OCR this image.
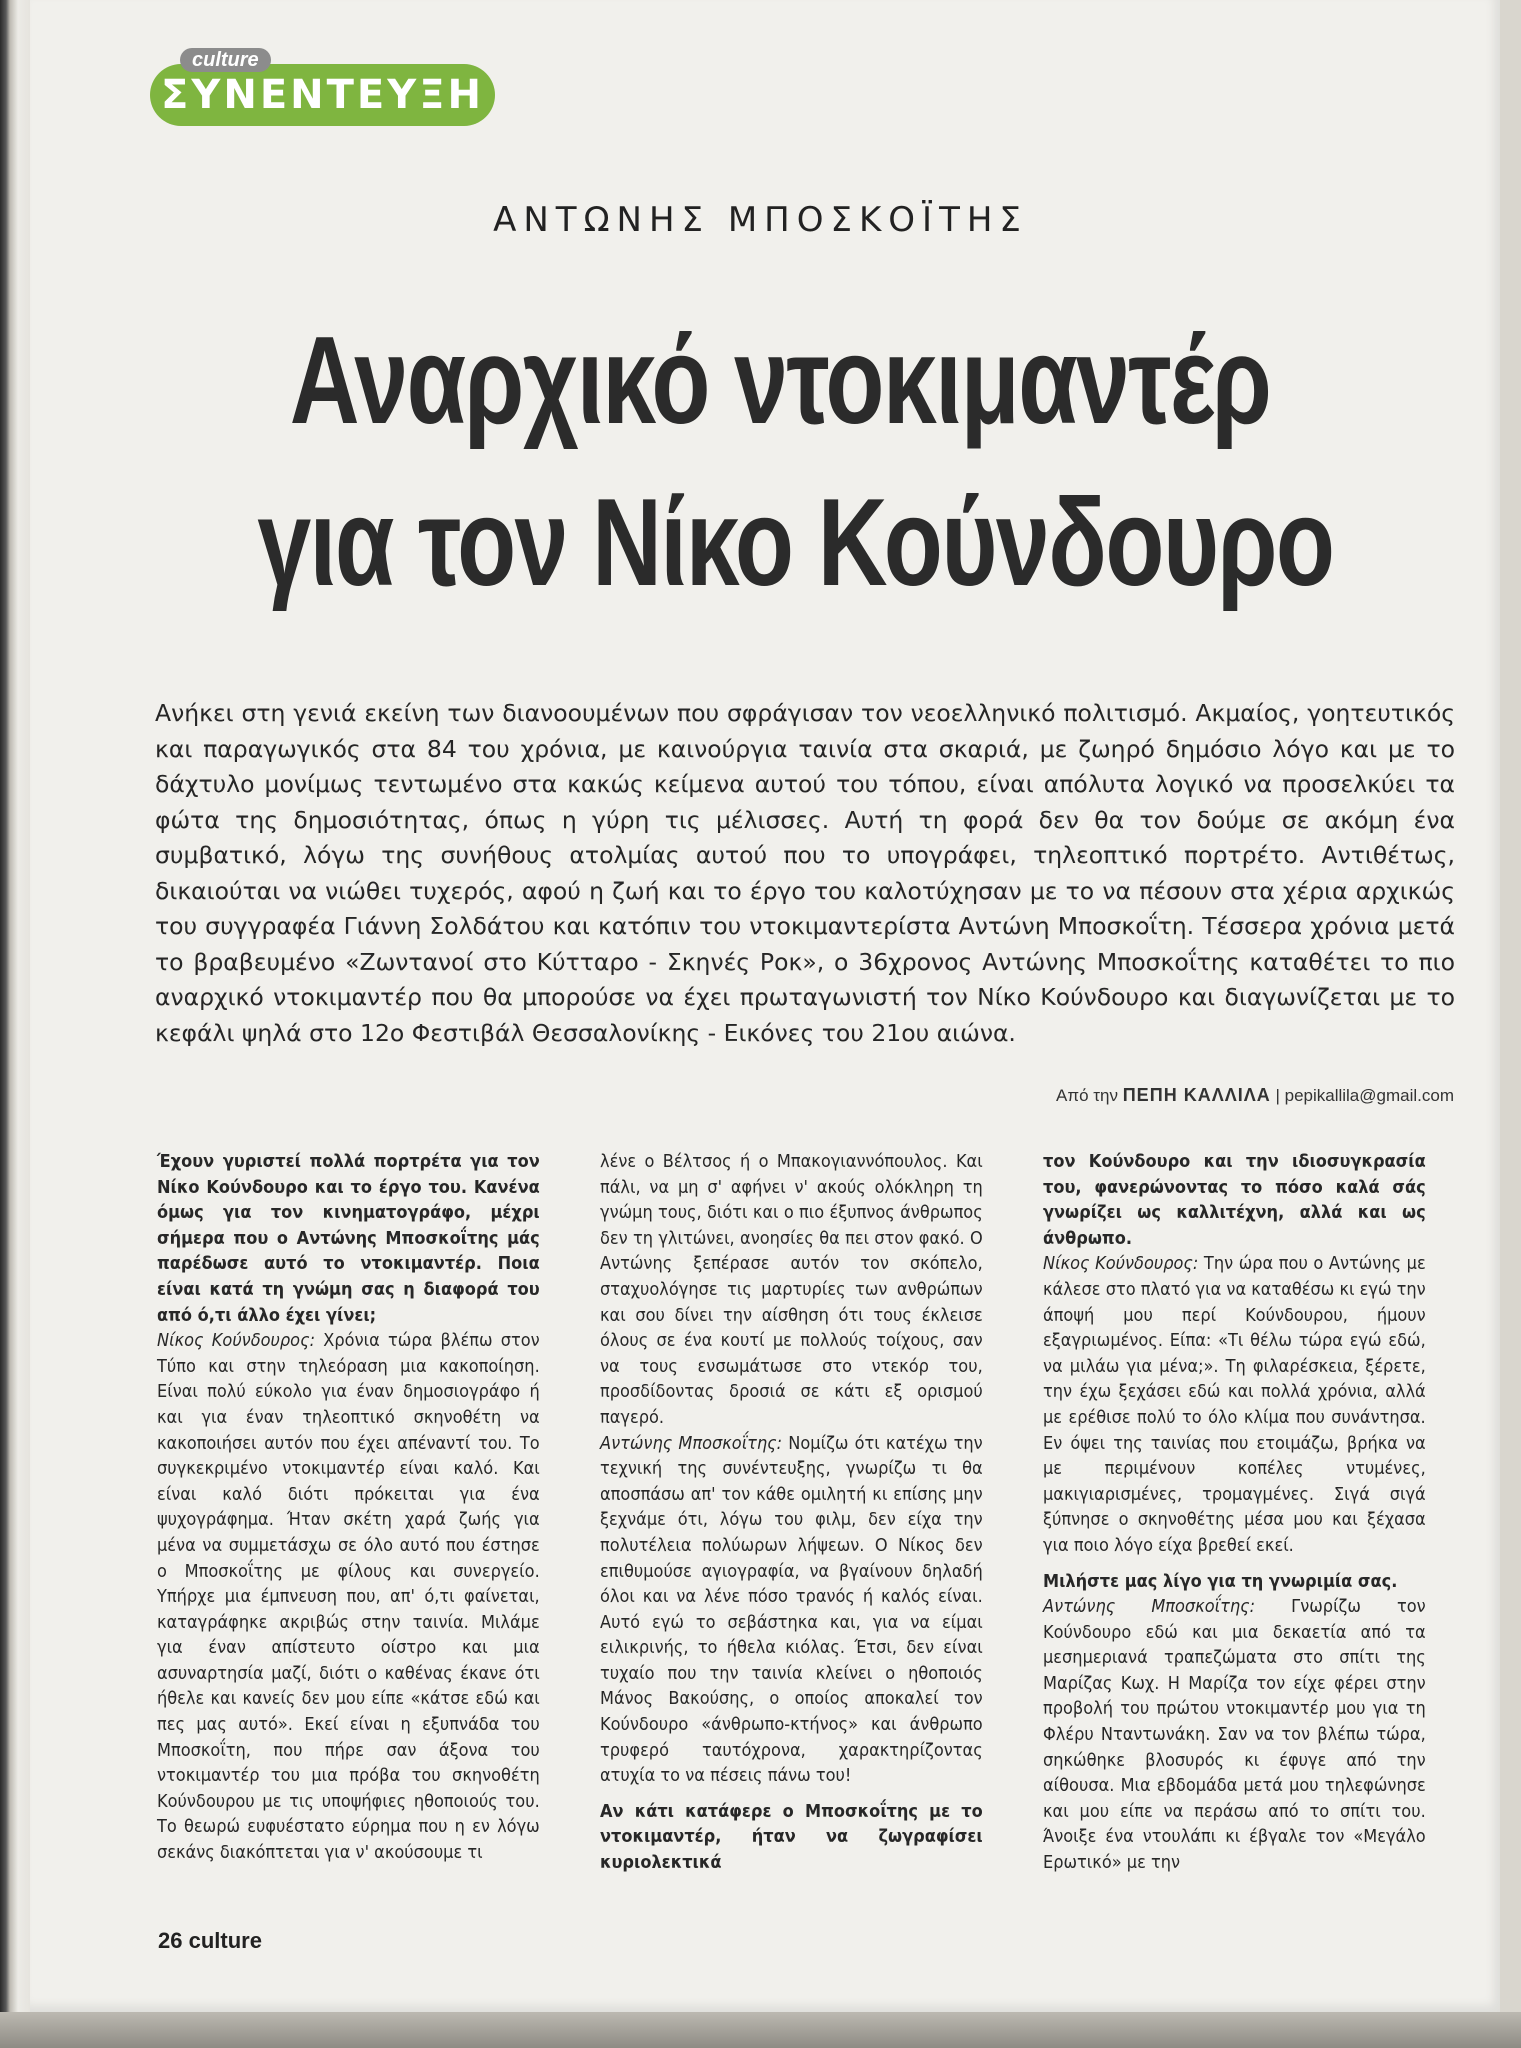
ΣΥΝΕΝΤΕΥΞΗ
culture
ΑΝΤΩΝΗΣ ΜΠΟΣΚΟΪΤΗΣ
Αναρχικό ντοκιμαντέρ
για τον Νίκο Κούνδουρο
Ανήκει στη γενιά εκείνη των διανοουμένων που σφράγισαν τον νεοελληνικό πολιτισμό. Ακμαίος, γοητευτικός και παραγωγικός στα 84 του χρόνια, με καινούργια ταινία στα σκαριά, με ζωηρό δημόσιο λόγο και με το δάχτυλο μονίμως τεντωμένο στα κακώς κείμενα αυτού του τόπου, είναι απόλυτα λογικό να προσελκύει τα φώτα της δημοσιότητας, όπως η γύρη τις μέλισσες. Αυτή τη φορά δεν θα τον δούμε σε ακόμη ένα συμβατικό, λόγω της συνήθους ατολμίας αυτού που το υπογράφει, τηλεοπτικό πορτρέτο. Αντιθέτως, δικαιούται να νιώθει τυχερός, αφού η ζωή και το έργο του καλοτύχησαν με το να πέσουν στα χέρια αρχικώς του συγγραφέα Γιάννη Σολδάτου και κατόπιν του ντοκιμαντερίστα Αντώνη Μποσκοΐτη. Τέσσερα χρόνια μετά το βραβευμένο «Ζωντανοί στο Κύτταρο - Σκηνές Ροκ», ο 36χρονος Αντώνης Μποσκοΐτης καταθέτει το πιο αναρχικό ντοκιμαντέρ που θα μπορούσε να έχει πρωταγωνιστή τον Νίκο Κούνδουρο και διαγωνίζεται με το κεφάλι ψηλά στο 12ο Φεστιβάλ Θεσσαλονίκης - Εικόνες του 21ου αιώνα.
Από την ΠΕΠΗ ΚΑΛΛΙΛΑ | pepikallila@gmail.com
Έχουν γυριστεί πολλά πορτρέτα για τον Νίκο Κούνδουρο και το έργο του. Κανένα όμως για τον κινηματογράφο, μέχρι σήμερα που ο Αντώνης Μποσκοΐτης μάς παρέδωσε αυτό το ντοκιμαντέρ. Ποια είναι κατά τη γνώμη σας η διαφορά του από ό,τι άλλο έχει γίνει;

Νίκος Κούνδουρος: Χρόνια τώρα βλέπω στον Τύπο και στην τηλεόραση μια κακοποίηση. Είναι πολύ εύκολο για έναν δημοσιογράφο ή και για έναν τηλεοπτικό σκηνοθέτη να κακοποιήσει αυτόν που έχει απέναντί του. Το συγκεκριμένο ντοκιμαντέρ είναι καλό. Και είναι καλό διότι πρόκειται για ένα ψυχογράφημα. Ήταν σκέτη χαρά ζωής για μένα να συμμετάσχω σε όλο αυτό που έστησε ο Μποσκοΐτης με φίλους και συνεργείο. Υπήρχε μια έμπνευση που, απ' ό,τι φαίνεται, καταγράφηκε ακριβώς στην ταινία. Μιλάμε για έναν απίστευτο οίστρο και μια ασυναρτησία μαζί, διότι ο καθένας έκανε ότι ήθελε και κανείς δεν μου είπε «κάτσε εδώ και πες μας αυτό». Εκεί είναι η εξυπνάδα του Μποσκοΐτη, που πήρε σαν άξονα του ντοκιμαντέρ του μια πρόβα του σκηνοθέτη Κούνδουρου με τις υποψήφιες ηθοποιούς του. Το θεωρώ ευφυέστατο εύρημα που η εν λόγω σεκάνς διακόπτεται για ν' ακούσουμε τι

λένε ο Βέλτσος ή ο Μπακογιαννόπουλος. Και πάλι, να μη σ' αφήνει ν' ακούς ολόκληρη τη γνώμη τους, διότι και ο πιο έξυπνος άνθρωπος δεν τη γλιτώνει, ανοησίες θα πει στον φακό. Ο Αντώνης ξεπέρασε αυτόν τον σκόπελο, σταχυολόγησε τις μαρτυρίες των ανθρώπων και σου δίνει την αίσθηση ότι τους έκλεισε όλους σε ένα κουτί με πολλούς τοίχους, σαν να τους ενσωμάτωσε στο ντεκόρ του, προσδίδοντας δροσιά σε κάτι εξ ορισμού παγερό.

Αντώνης Μποσκοΐτης: Νομίζω ότι κατέχω την τεχνική της συνέντευξης, γνωρίζω τι θα αποσπάσω απ' τον κάθε ομιλητή κι επίσης μην ξεχνάμε ότι, λόγω του φιλμ, δεν είχα την πολυτέλεια πολύωρων λήψεων. Ο Νίκος δεν επιθυμούσε αγιογραφία, να βγαίνουν δηλαδή όλοι και να λένε πόσο τρανός ή καλός είναι. Αυτό εγώ το σεβάστηκα και, για να είμαι ειλικρινής, το ήθελα κιόλας. Έτσι, δεν είναι τυχαίο που την ταινία κλείνει ο ηθοποιός Μάνος Βακούσης, ο οποίος αποκαλεί τον Κούνδουρο «άνθρωπο-κτήνος» και άνθρωπο τρυφερό ταυτόχρονα, χαρακτηρίζοντας ατυχία το να πέσεις πάνω του!

Αν κάτι κατάφερε ο Μποσκοΐτης με το ντοκιμαντέρ, ήταν να ζωγραφίσει κυριολεκτικά
τον Κούνδουρο και την ιδιοσυγκρασία του, φανερώνοντας το πόσο καλά σάς γνωρίζει ως καλλιτέχνη, αλλά και ως άνθρωπο.

Νίκος Κούνδουρος: Την ώρα που ο Αντώνης με κάλεσε στο πλατό για να καταθέσω κι εγώ την άποψή μου περί Κούνδουρου, ήμουν εξαγριωμένος. Είπα: «Τι θέλω τώρα εγώ εδώ, να μιλάω για μένα;». Τη φιλαρέσκεια, ξέρετε, την έχω ξεχάσει εδώ και πολλά χρόνια, αλλά με ερέθισε πολύ το όλο κλίμα που συνάντησα. Εν όψει της ταινίας που ετοιμάζω, βρήκα να με περιμένουν κοπέλες ντυμένες, μακιγιαρισμένες, τρομαγμένες. Σιγά σιγά ξύπνησε ο σκηνοθέτης μέσα μου και ξέχασα για ποιο λόγο είχα βρεθεί εκεί.

Μιλήστε μας λίγο για τη γνωριμία σας.

Αντώνης Μποσκοΐτης: Γνωρίζω τον Κούνδουρο εδώ και μια δεκαετία από τα μεσημεριανά τραπεζώματα στο σπίτι της Μαρίζας Κωχ. Η Μαρίζα τον είχε φέρει στην προβολή του πρώτου ντοκιμαντέρ μου για τη Φλέρυ Νταντωνάκη. Σαν να τον βλέπω τώρα, σηκώθηκε βλοσυρός κι έφυγε από την αίθουσα. Μια εβδομάδα μετά μου τηλεφώνησε και μου είπε να περάσω από το σπίτι του. Άνοιξε ένα ντουλάπι κι έβγαλε τον «Μεγάλο Ερωτικό» με την

26 culture
